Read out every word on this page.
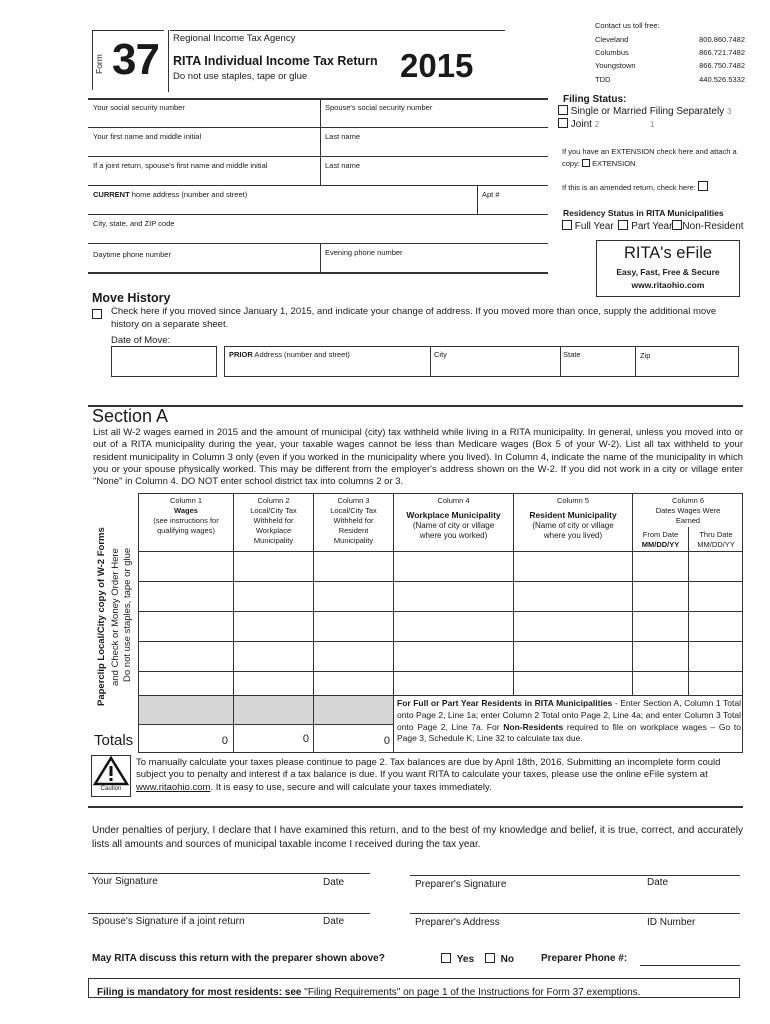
Form 37 Regional Income Tax Agency
RITA Individual Income Tax Return
Do not use staples, tape or glue	2015
Contact us toll free:
Cleveland	800.860.7482
Columbus	866.721.7482
Youngstown	866.750.7482
TDD	440.526.5332
Your social security number	Spouse's social security number
Your first name and middle initial	Last name
If a joint return, spouse's first name and middle initial	Last name
CURRENT home address (number and street)	Apt #
City, state, and ZIP code
Daytime phone number	Evening phone number
Filing Status:
Single or Married Filing Separately 3
Joint 2	1
If you have an EXTENSION check here and attach a copy: EXTENSION
If this is an amended return, check here:
Residency Status in RITA Municipalities
Full Year Part Year Non-Resident
RITA's eFile
Easy, Fast, Free & Secure
www.ritaohio.com
Move History
Check here if you moved since January 1, 2015, and indicate your change of address. If you moved more than once, supply the additional move history on a separate sheet.
Date of Move:
PRIOR Address (number and street)	City	State	Zip
Section A
List all W-2 wages earned in 2015 and the amount of municipal (city) tax withheld while living in a RITA municipality. In general, unless you moved into or out of a RITA municipality during the year, your taxable wages cannot be less than Medicare wages (Box 5 of your W-2). List all tax withheld to your resident municipality in Column 3 only (even if you worked in the municipality where you lived). In Column 4, indicate the name of the municipality in which you or your spouse physically worked. This may be different from the employer's address shown on the W-2. If you did not work in a city or village enter "None" in Column 4. DO NOT enter school district tax into columns 2 or 3.
Paperclip Local/City copy of W-2 Forms and Check or Money Order Here Do not use staples, tape or glue
Column 1
Wages
(see instructions for qualifying wages)
Column 2
Local/City Tax Withheld for Workplace Municipality
Column 3
Local/City Tax Withheld for Resident Municipality
Column 4
Workplace Municipality
(Name of city or village where you worked)
Column 5
Resident Municipality
(Name of city or village where you lived)
Column 6
Dates Wages Were Earned
From Date
MM/DD/YY
Thru Date
MM/DD/YY
For Full or Part Year Residents in RITA Municipalities - Enter Section A, Column 1 Total onto Page 2, Line 1a; enter Column 2 Total onto Page 2, Line 4a; and enter Column 3 Total onto Page 2, Line 7a. For Non-Residents required to file on workplace wages – Go to Page 3, Schedule K, Line 32 to calculate tax due.
Totals	0	0	0
Caution
To manually calculate your taxes please continue to page 2. Tax balances are due by April 18th, 2016. Submitting an incomplete form could subject you to penalty and interest if a tax balance is due. If you want RITA to calculate your taxes, please use the online eFile system at www.ritaohio.com. It is easy to use, secure and will calculate your taxes immediately.
Under penalties of perjury, I declare that I have examined this return, and to the best of my knowledge and belief, it is true, correct, and accurately lists all amounts and sources of municipal taxable income I received during the tax year.
Your Signature	Date	Preparer's Signature	Date
Spouse's Signature if a joint return	Date	Preparer's Address	ID Number
May RITA discuss this return with the preparer shown above?	Yes	No	Preparer Phone #:
Filing is mandatory for most residents: see "Filing Requirements" on page 1 of the Instructions for Form 37 exemptions.
